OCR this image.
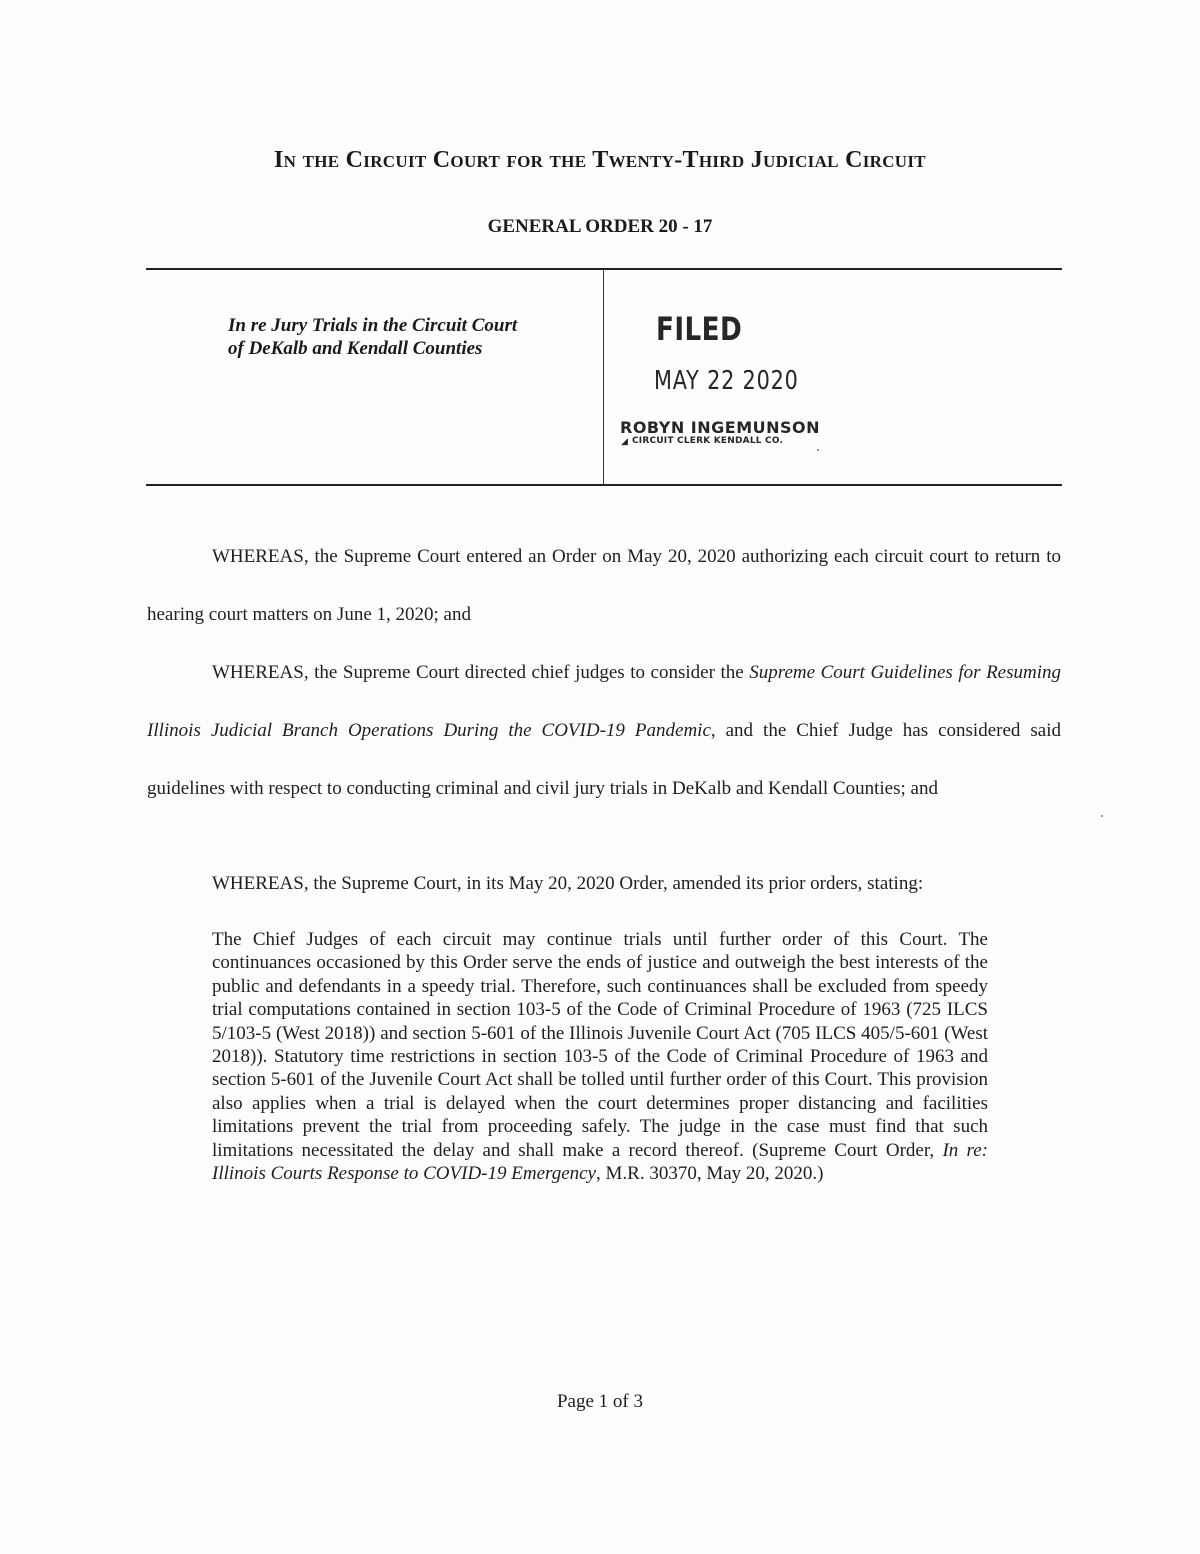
In the Circuit Court for the Twenty-Third Judicial Circuit
GENERAL ORDER 20 - 17
In re Jury Trials in the Circuit Court
of DeKalb and Kendall Counties
FILED
MAY 22 2020
ROBYN INGEMUNSON
◢ CIRCUIT CLERK KENDALL CO.
WHEREAS, the Supreme Court entered an Order on May 20, 2020 authorizing each circuit court to return to hearing court matters on June 1, 2020; and
WHEREAS, the Supreme Court directed chief judges to consider the Supreme Court Guidelines for Resuming Illinois Judicial Branch Operations During the COVID-19 Pandemic, and the Chief Judge has considered said guidelines with respect to conducting criminal and civil jury trials in DeKalb and Kendall Counties; and
WHEREAS, the Supreme Court, in its May 20, 2020 Order, amended its prior orders, stating:
The Chief Judges of each circuit may continue trials until further order of this Court. The continuances occasioned by this Order serve the ends of justice and outweigh the best interests of the public and defendants in a speedy trial. Therefore, such continuances shall be excluded from speedy trial computations contained in section 103-5 of the Code of Criminal Procedure of 1963 (725 ILCS 5/103-5 (West 2018)) and section 5-601 of the Illinois Juvenile Court Act (705 ILCS 405/5-601 (West 2018)). Statutory time restrictions in section 103-5 of the Code of Criminal Procedure of 1963 and section 5-601 of the Juvenile Court Act shall be tolled until further order of this Court. This provision also applies when a trial is delayed when the court determines proper distancing and facilities limitations prevent the trial from proceeding safely. The judge in the case must find that such limitations necessitated the delay and shall make a record thereof. (Supreme Court Order, In re: Illinois Courts Response to COVID-19 Emergency, M.R. 30370, May 20, 2020.)
Page 1 of 3
